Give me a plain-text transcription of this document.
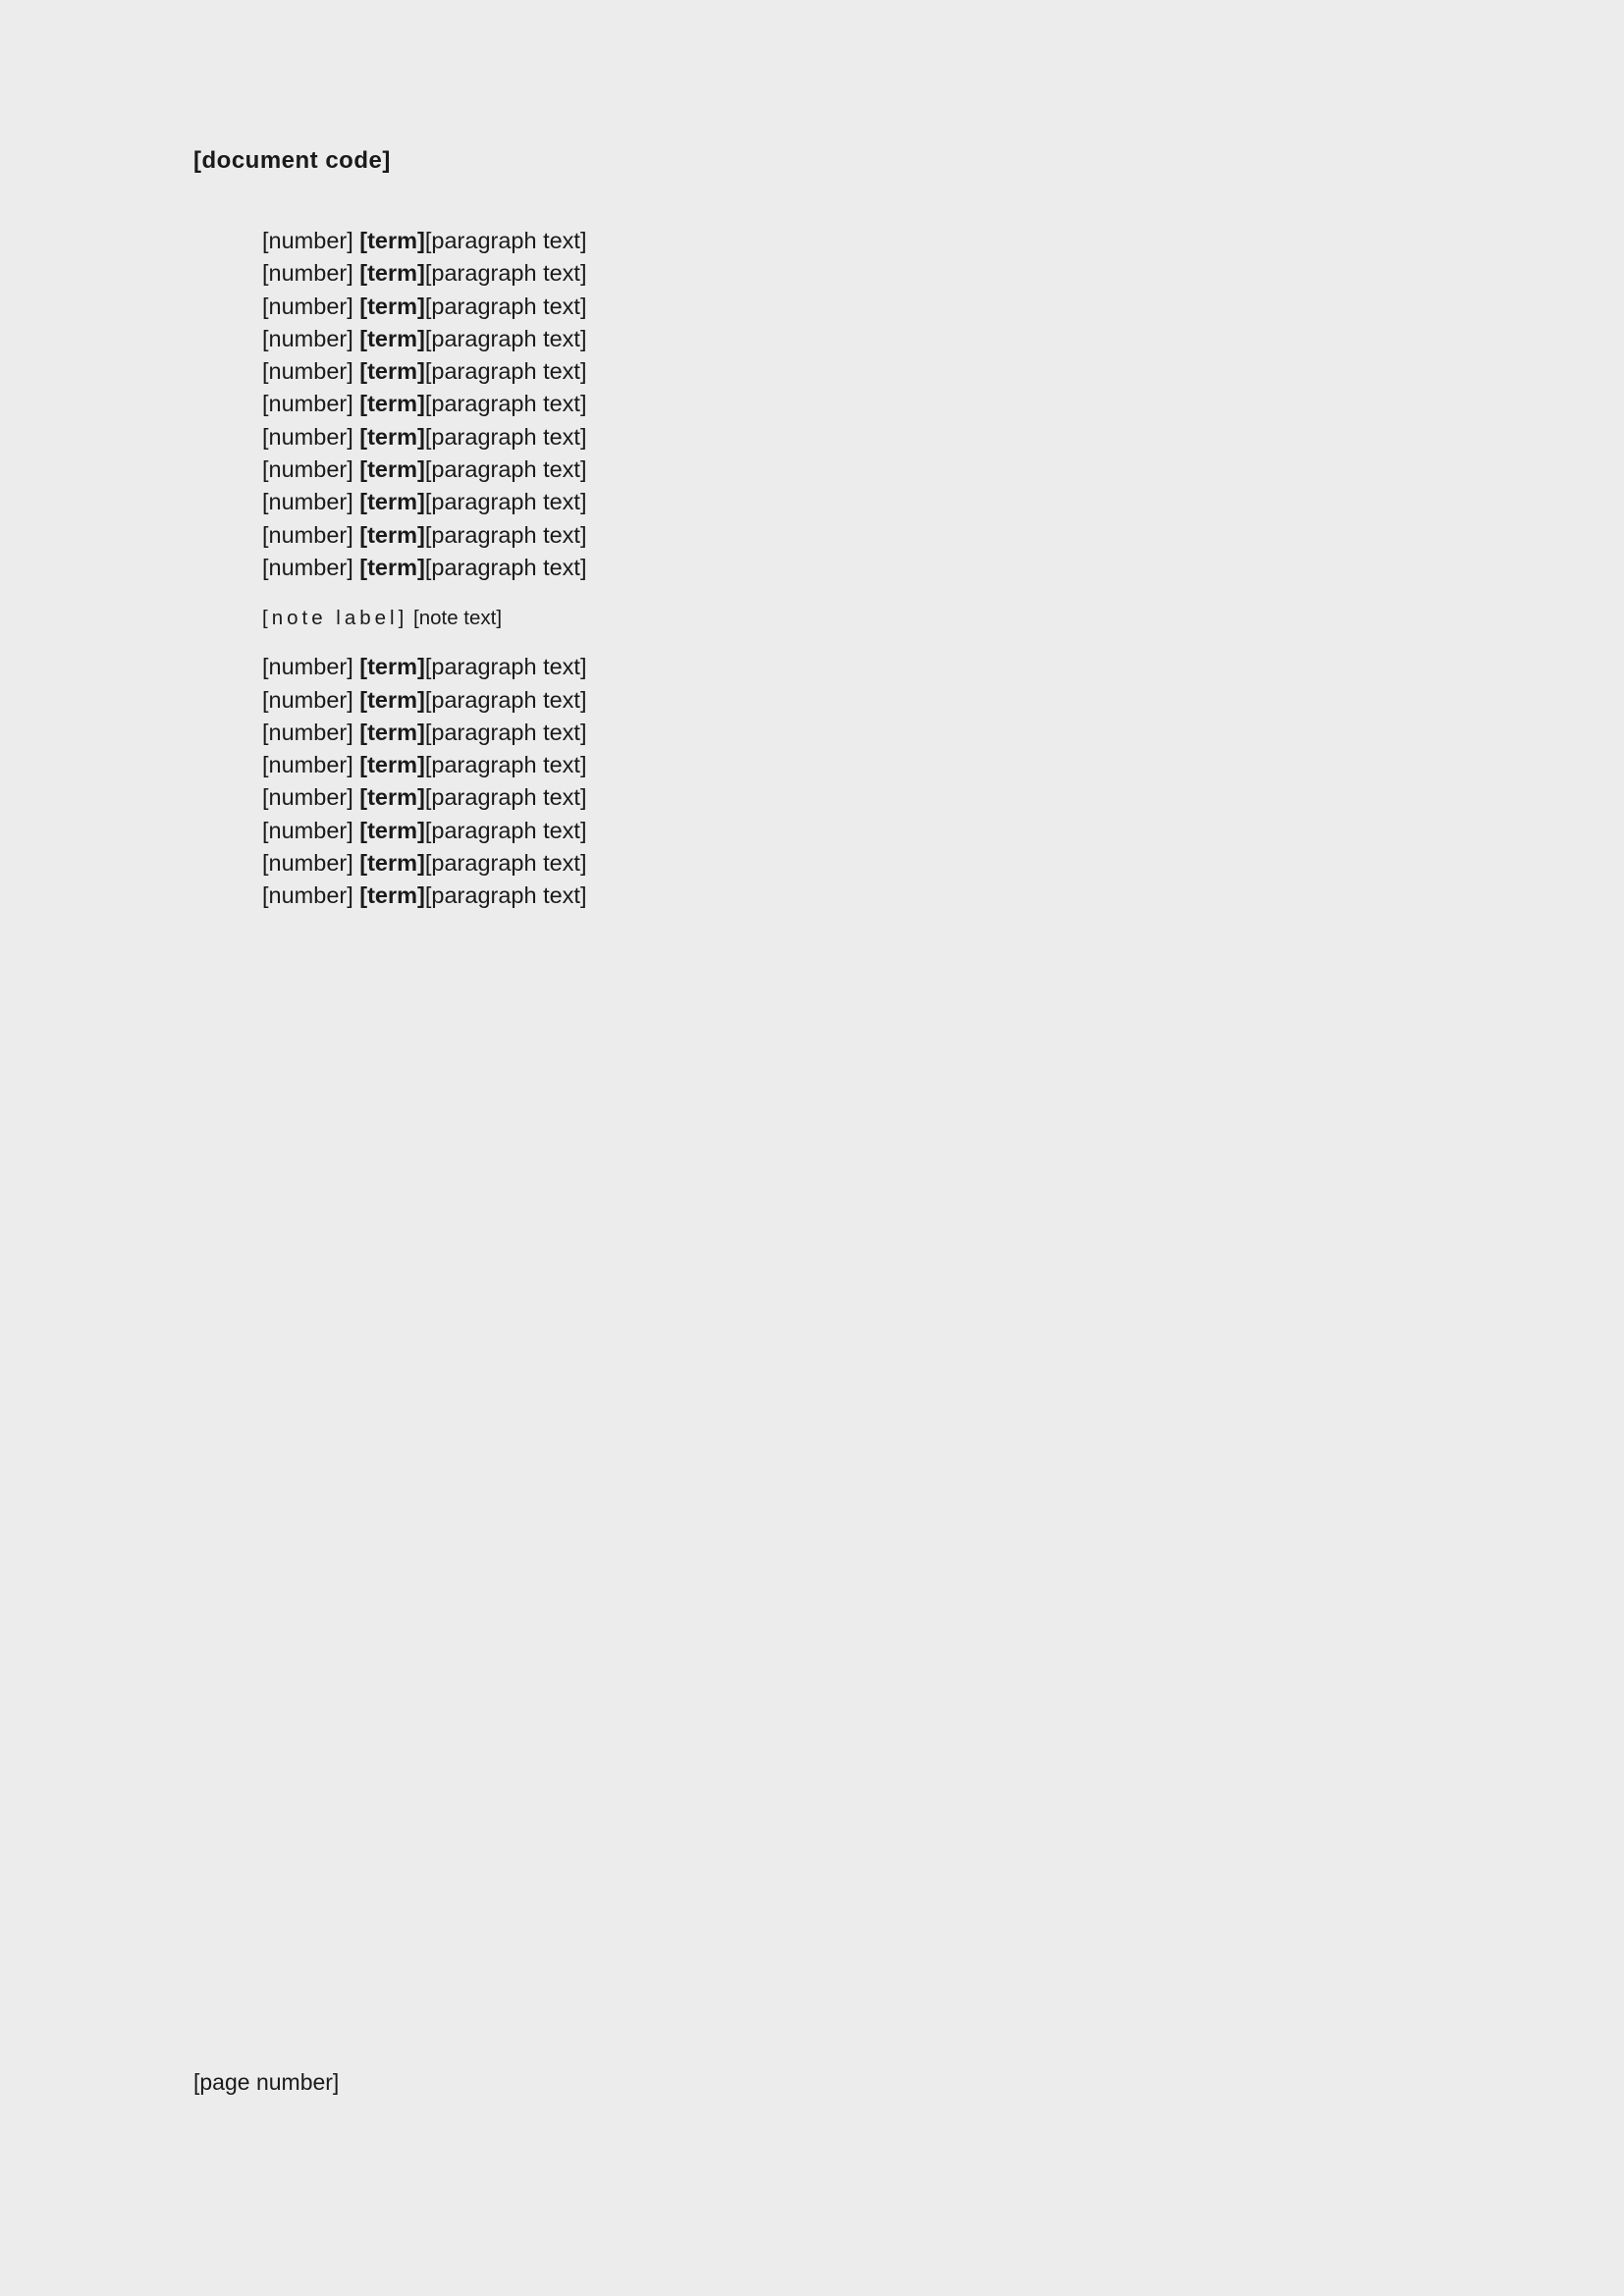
[document code]

[number] [term][paragraph text]

[number] [term][paragraph text]

[number] [term][paragraph text]

[number] [term][paragraph text]

[number] [term][paragraph text]

[number] [term][paragraph text]

[number] [term][paragraph text]

[number] [term][paragraph text]

[number] [term][paragraph text]

[number] [term][paragraph text]

[number] [term][paragraph text]

[note label] [note text]

[number] [term][paragraph text]

[number] [term][paragraph text]

[number] [term][paragraph text]

[number] [term][paragraph text]

[number] [term][paragraph text]

[number] [term][paragraph text]

[number] [term][paragraph text]

[number] [term][paragraph text]

[page number]
